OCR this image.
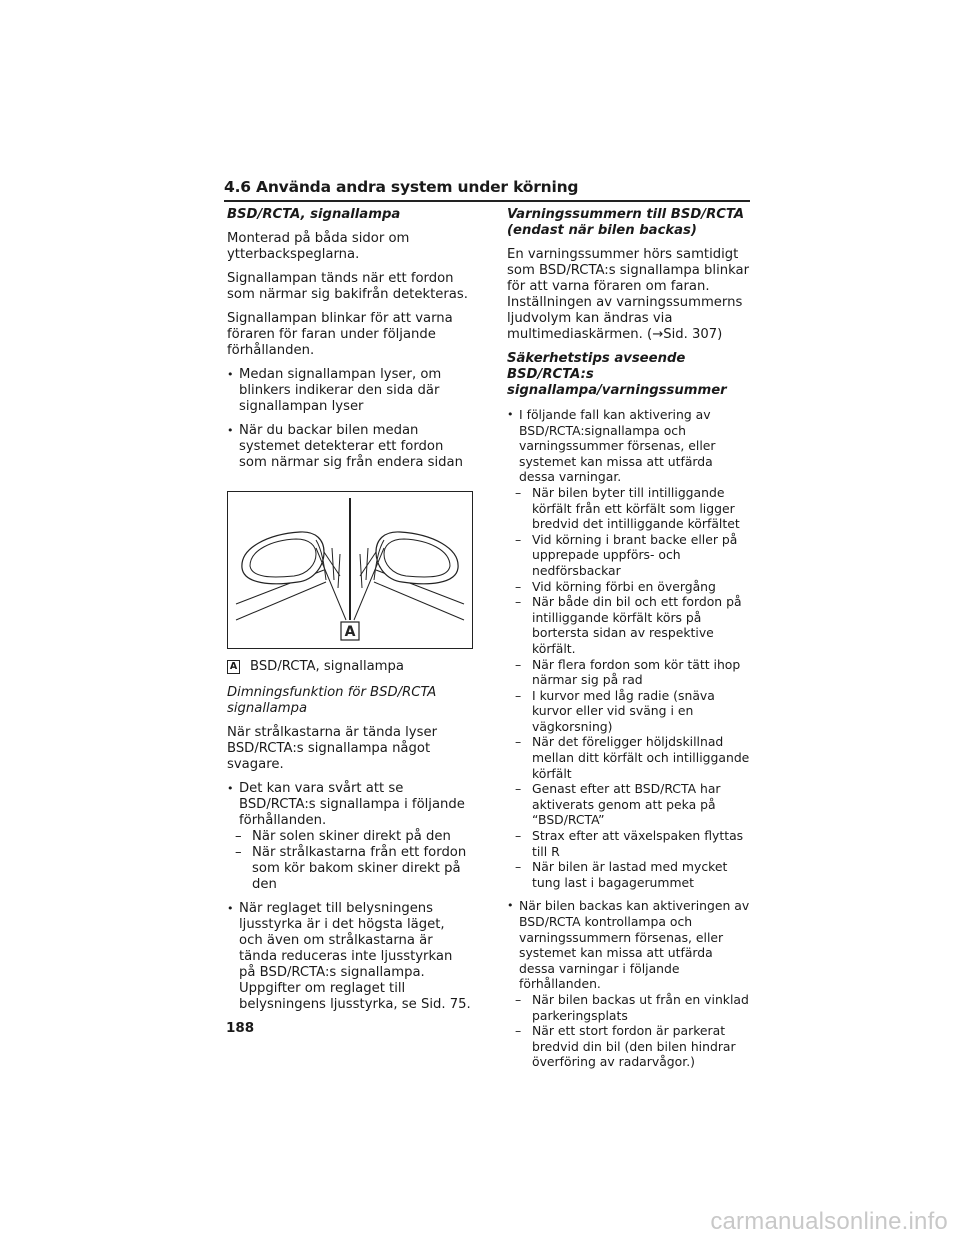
4.6 Använda andra system under körning
BSD/RCTA, signallampa

Monterad på båda sidor om ytterbackspeglarna.

Signallampan tänds när ett fordon som närmar sig bakifrån detekteras.

Signallampan blinkar för att varna föraren för faran under följande förhållanden.

• Medan signallampan lyser, om blinkers indikerar den sida där signallampan lyser
• När du backar bilen medan systemet detekterar ett fordon som närmar sig från endera sidan
A
A BSD/RCTA, signallampa
Dimningsfunktion för BSD/RCTA signallampa

När strålkastarna är tända lyser BSD/RCTA:s signallampa något svagare.

• Det kan vara svårt att se BSD/RCTA:s signallampa i följande förhållanden.
– När solen skiner direkt på den
– När strålkastarna från ett fordon som kör bakom skiner direkt på den
• När reglaget till belysningens ljusstyrka är i det högsta läget, och även om strålkastarna är tända reduceras inte ljusstyrkan på BSD/RCTA:s signallampa. Uppgifter om reglaget till belysningens ljusstyrka, se Sid. 75.
Varningssummern till BSD/RCTA (endast när bilen backas)

En varningssummer hörs samtidigt som BSD/RCTA:s signallampa blinkar för att varna föraren om faran. Inställningen av varningssummerns ljudvolym kan ändras via multimediaskärmen. (→Sid. 307)

Säkerhetstips avseende BSD/RCTA:s signallampa/varningssummer
• I följande fall kan aktivering av BSD/RCTA:signallampa och varningssummer försenas, eller systemet kan missa att utfärda dessa varningar.
– När bilen byter till intilliggande körfält från ett körfält som ligger bredvid det intilliggande körfältet
– Vid körning i brant backe eller på upprepade uppförs- och nedförsbackar
– Vid körning förbi en övergång
– När både din bil och ett fordon på intilliggande körfält körs på bortersta sidan av respektive körfält.
– När flera fordon som kör tätt ihop närmar sig på rad
– I kurvor med låg radie (snäva kurvor eller vid sväng i en vägkorsning)
– När det föreligger höljdskillnad mellan ditt körfält och intilliggande körfält
– Genast efter att BSD/RCTA har aktiverats genom att peka på “BSD/RCTA”
– Strax efter att växelspaken flyttas till R
– När bilen är lastad med mycket tung last i bagagerummet
• När bilen backas kan aktiveringen av BSD/RCTA kontrollampa och varningssummern försenas, eller systemet kan missa att utfärda dessa varningar i följande förhållanden.
– När bilen backas ut från en vinklad parkeringsplats
– När ett stort fordon är parkerat bredvid din bil (den bilen hindrar överföring av radarvågor.)
188
carmanualsonline.info
